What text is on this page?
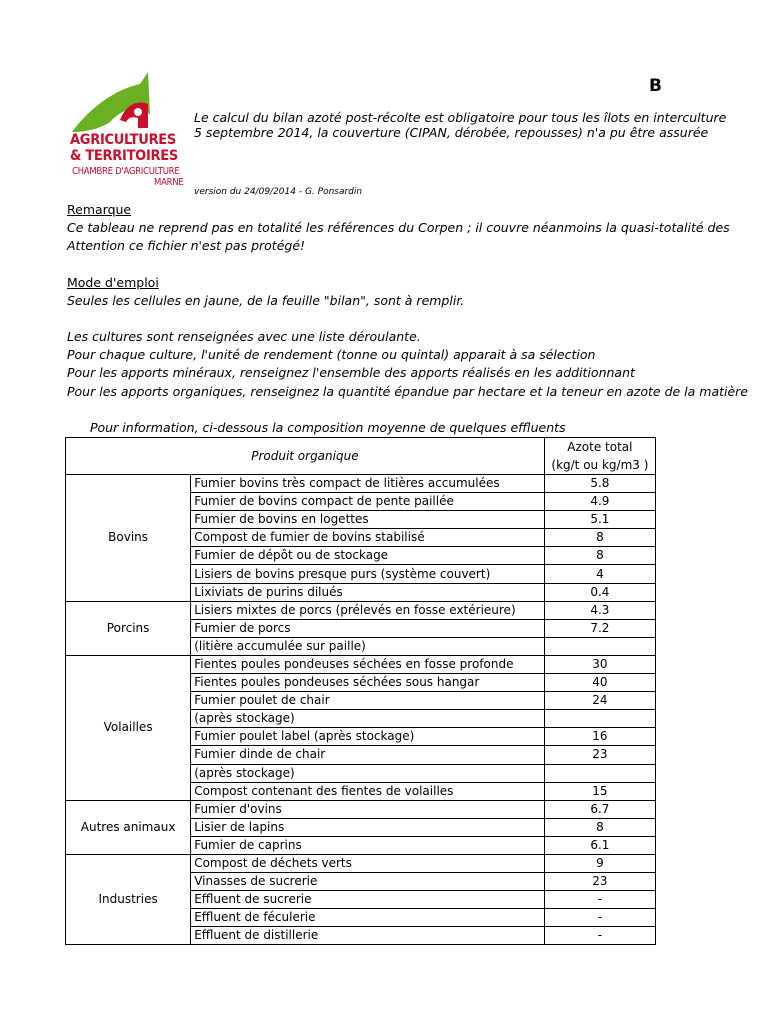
AGRICULTURES
& TERRITOIRES
CHAMBRE D'AGRICULTURE
MARNE
B
Le calcul du bilan azoté post-récolte est obligatoire pour tous les îlots en interculture
5 septembre 2014, la couverture (CIPAN, dérobée, repousses) n'a pu être assurée
version du 24/09/2014 - G. Ponsardin
Remarque
Ce tableau ne reprend pas en totalité les références du Corpen ; il couvre néanmoins la quasi-totalité des
Attention ce fichier n'est pas protégé!
Mode d'emploi
Seules les cellules en jaune, de la feuille "bilan", sont à remplir.
Les cultures sont renseignées avec une liste déroulante.
Pour chaque culture, l'unité de rendement (tonne ou quintal) apparait à sa sélection
Pour les apports minéraux, renseignez l'ensemble des apports réalisés en les additionnant
Pour les apports organiques, renseignez la quantité épandue par hectare et la teneur en azote de la matière
Pour information, ci-dessous la composition moyenne de quelques effluents
Produit organique		Azote total
(kg/t ou kg/m3 )

Bovins	Fumier bovins très compact de litières accumulées	5.8
	Fumier de bovins compact de pente paillée	4.9
	Fumier de bovins en logettes	5.1
	Compost de fumier de bovins stabilisé	8
	Fumier de dépôt ou de stockage	8
	Lisiers de bovins presque purs (système couvert)	4
	Lixiviats de purins dilués	0.4
Porcins	Lisiers mixtes de porcs (prélevés en fosse extérieure)	4.3
	Fumier de porcs	7.2
	(litière accumulée sur paille)	
Volailles	Fientes poules pondeuses séchées en fosse profonde	30
	Fientes poules pondeuses séchées sous hangar	40
	Fumier poulet de chair	24
	(après stockage)	
	Fumier poulet label (après stockage)	16
	Fumier dinde de chair	23
	(après stockage)	
	Compost contenant des fientes de volailles	15
Autres animaux	Fumier d'ovins	6.7
	Lisier de lapins	8
	Fumier de caprins	6.1
Industries	Compost de déchets verts	9
	Vinasses de sucrerie	23
	Effluent de sucrerie	-
	Effluent de féculerie	-
	Effluent de distillerie	-
